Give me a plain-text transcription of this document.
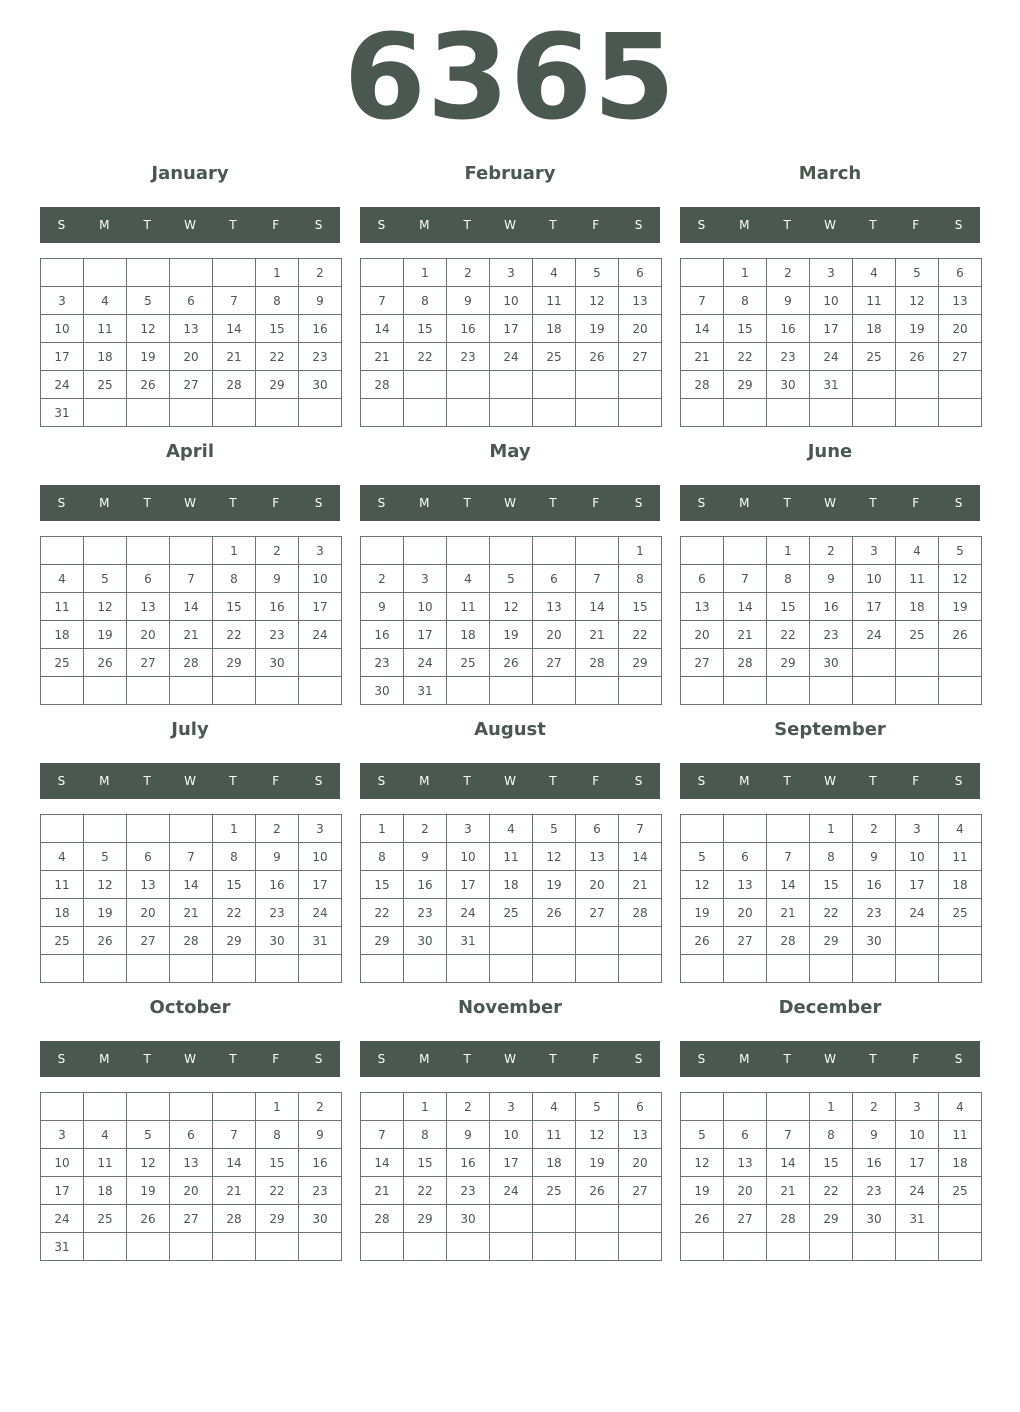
6365
January
S	M	T	W	T	F	S
					1	2
3	4	5	6	7	8	9
10	11	12	13	14	15	16
17	18	19	20	21	22	23
24	25	26	27	28	29	30
31						
February
S	M	T	W	T	F	S
	1	2	3	4	5	6
7	8	9	10	11	12	13
14	15	16	17	18	19	20
21	22	23	24	25	26	27
28						

March
S	M	T	W	T	F	S
	1	2	3	4	5	6
7	8	9	10	11	12	13
14	15	16	17	18	19	20
21	22	23	24	25	26	27
28	29	30	31			

April
S	M	T	W	T	F	S
				1	2	3
4	5	6	7	8	9	10
11	12	13	14	15	16	17
18	19	20	21	22	23	24
25	26	27	28	29	30	

May
S	M	T	W	T	F	S
						1
2	3	4	5	6	7	8
9	10	11	12	13	14	15
16	17	18	19	20	21	22
23	24	25	26	27	28	29
30	31					
June
S	M	T	W	T	F	S
		1	2	3	4	5
6	7	8	9	10	11	12
13	14	15	16	17	18	19
20	21	22	23	24	25	26
27	28	29	30			

July
S	M	T	W	T	F	S
				1	2	3
4	5	6	7	8	9	10
11	12	13	14	15	16	17
18	19	20	21	22	23	24
25	26	27	28	29	30	31

August
S	M	T	W	T	F	S
1	2	3	4	5	6	7
8	9	10	11	12	13	14
15	16	17	18	19	20	21
22	23	24	25	26	27	28
29	30	31				

September
S	M	T	W	T	F	S
			1	2	3	4
5	6	7	8	9	10	11
12	13	14	15	16	17	18
19	20	21	22	23	24	25
26	27	28	29	30		

October
S	M	T	W	T	F	S
					1	2
3	4	5	6	7	8	9
10	11	12	13	14	15	16
17	18	19	20	21	22	23
24	25	26	27	28	29	30
31						
November
S	M	T	W	T	F	S
	1	2	3	4	5	6
7	8	9	10	11	12	13
14	15	16	17	18	19	20
21	22	23	24	25	26	27
28	29	30				

December
S	M	T	W	T	F	S
			1	2	3	4
5	6	7	8	9	10	11
12	13	14	15	16	17	18
19	20	21	22	23	24	25
26	27	28	29	30	31	
